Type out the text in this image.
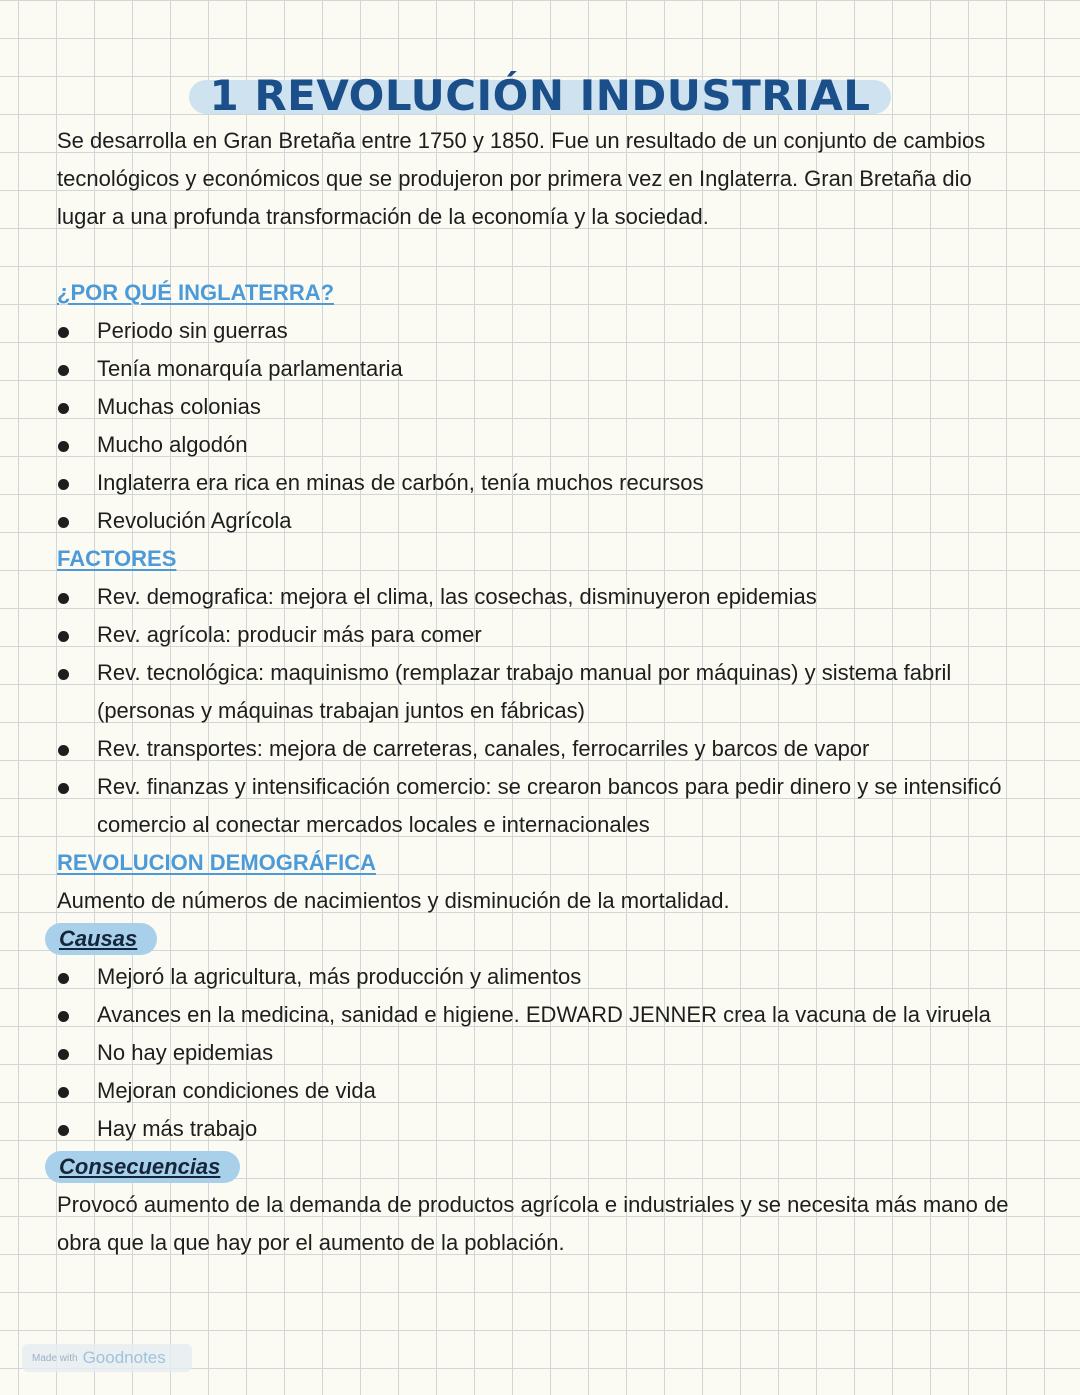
1 REVOLUCIÓN INDUSTRIAL

Se desarrolla en Gran Bretaña entre 1750 y 1850. Fue un resultado de un conjunto de cambios tecnológicos y económicos que se produjeron por primera vez en Inglaterra. Gran Bretaña dio lugar a una profunda transformación de la economía y la sociedad.

¿POR QUÉ INGLATERRA?

Periodo sin guerras
Tenía monarquía parlamentaria
Muchas colonias
Mucho algodón
Inglaterra era rica en minas de carbón, tenía muchos recursos
Revolución Agrícola

FACTORES

Rev. demografica: mejora el clima, las cosechas, disminuyeron epidemias
Rev. agrícola: producir más para comer
Rev. tecnológica: maquinismo (remplazar trabajo manual por máquinas) y sistema fabril (personas y máquinas trabajan juntos en fábricas)
Rev. transportes: mejora de carreteras, canales, ferrocarriles y barcos de vapor
Rev. finanzas y intensificación comercio: se crearon bancos para pedir dinero y se intensificó comercio al conectar mercados locales e internacionales

REVOLUCION DEMOGRÁFICA

Aumento de números de nacimientos y disminución de la mortalidad.

Causas
Mejoró la agricultura, más producción y alimentos
Avances en la medicina, sanidad e higiene. EDWARD JENNER crea la vacuna de la viruela
No hay epidemias
Mejoran condiciones de vida
Hay más trabajo
Consecuencias

Provocó aumento de la demanda de productos agrícola e industriales y se necesita más mano de obra que la que hay por el aumento de la población.

Made with Goodnotes
